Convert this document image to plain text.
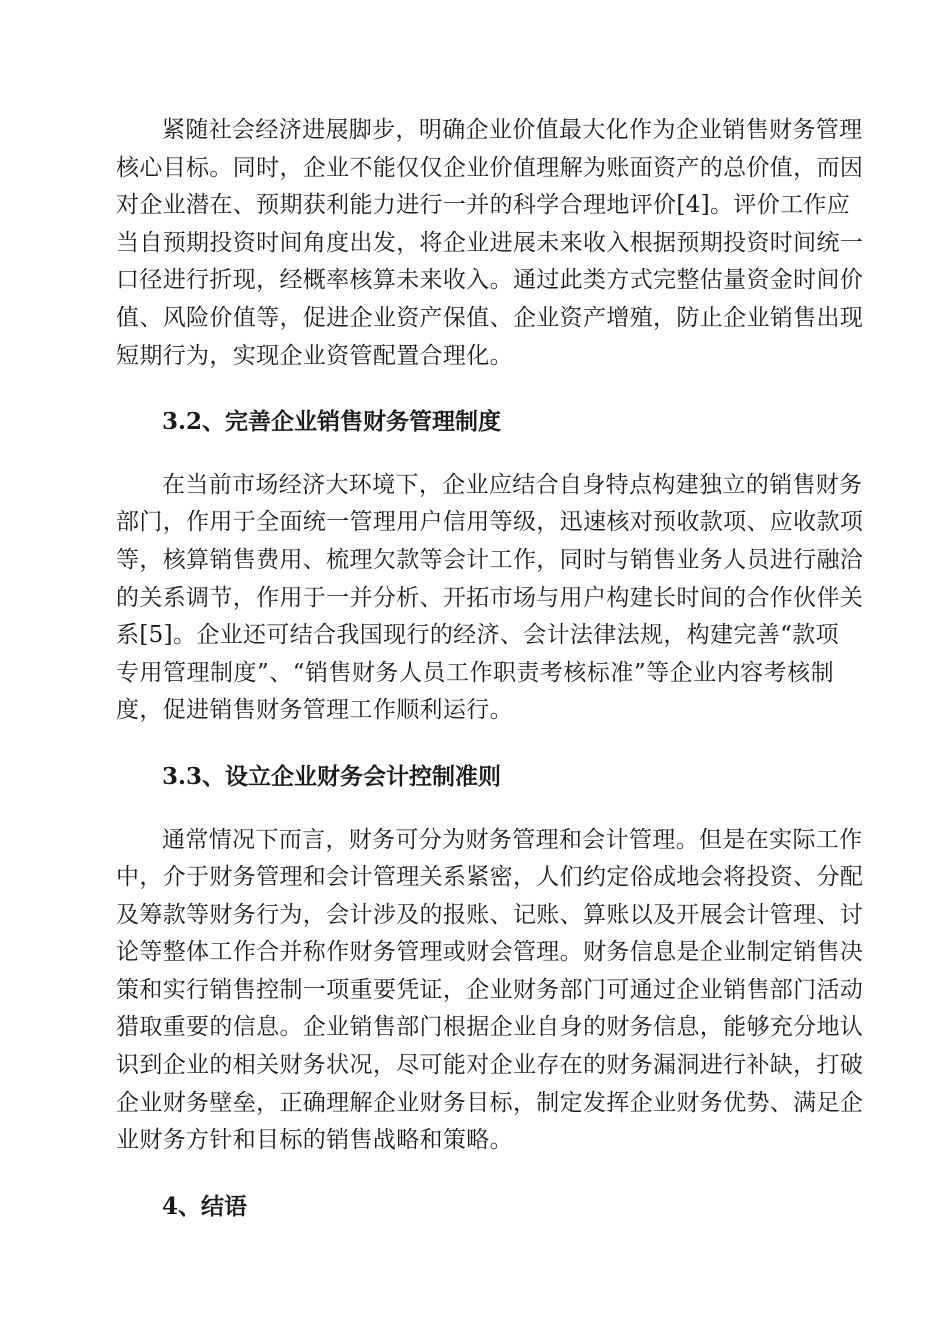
紧随社会经济进展脚步，明确企业价值最大化作为企业销售财务管理
核心目标。同时，企业不能仅仅企业价值理解为账面资产的总价值，而因
对企业潜在、预期获利能力进行一并的科学合理地评价[4]。评价工作应
当自预期投资时间角度出发，将企业进展未来收入根据预期投资时间统一
口径进行折现，经概率核算未来收入。通过此类方式完整估量资金时间价
值、风险价值等，促进企业资产保值、企业资产增殖，防止企业销售出现
短期行为，实现企业资管配置合理化。

3.2、完善企业销售财务管理制度

在当前市场经济大环境下，企业应结合自身特点构建独立的销售财务
部门，作用于全面统一管理用户信用等级，迅速核对预收款项、应收款项
等，核算销售费用、梳理欠款等会计工作，同时与销售业务人员进行融洽
的关系调节，作用于一并分析、开拓市场与用户构建长时间的合作伙伴关
系[5]。企业还可结合我国现行的经济、会计法律法规，构建完善“款项
专用管理制度”、“销售财务人员工作职责考核标准”等企业内容考核制
度，促进销售财务管理工作顺利运行。

3.3、设立企业财务会计控制准则

通常情况下而言，财务可分为财务管理和会计管理。但是在实际工作
中，介于财务管理和会计管理关系紧密，人们约定俗成地会将投资、分配
及筹款等财务行为，会计涉及的报账、记账、算账以及开展会计管理、讨
论等整体工作合并称作财务管理或财会管理。财务信息是企业制定销售决
策和实行销售控制一项重要凭证，企业财务部门可通过企业销售部门活动
猎取重要的信息。企业销售部门根据企业自身的财务信息，能够充分地认
识到企业的相关财务状况，尽可能对企业存在的财务漏洞进行补缺，打破
企业财务壁垒，正确理解企业财务目标，制定发挥企业财务优势、满足企
业财务方针和目标的销售战略和策略。

4、结语
